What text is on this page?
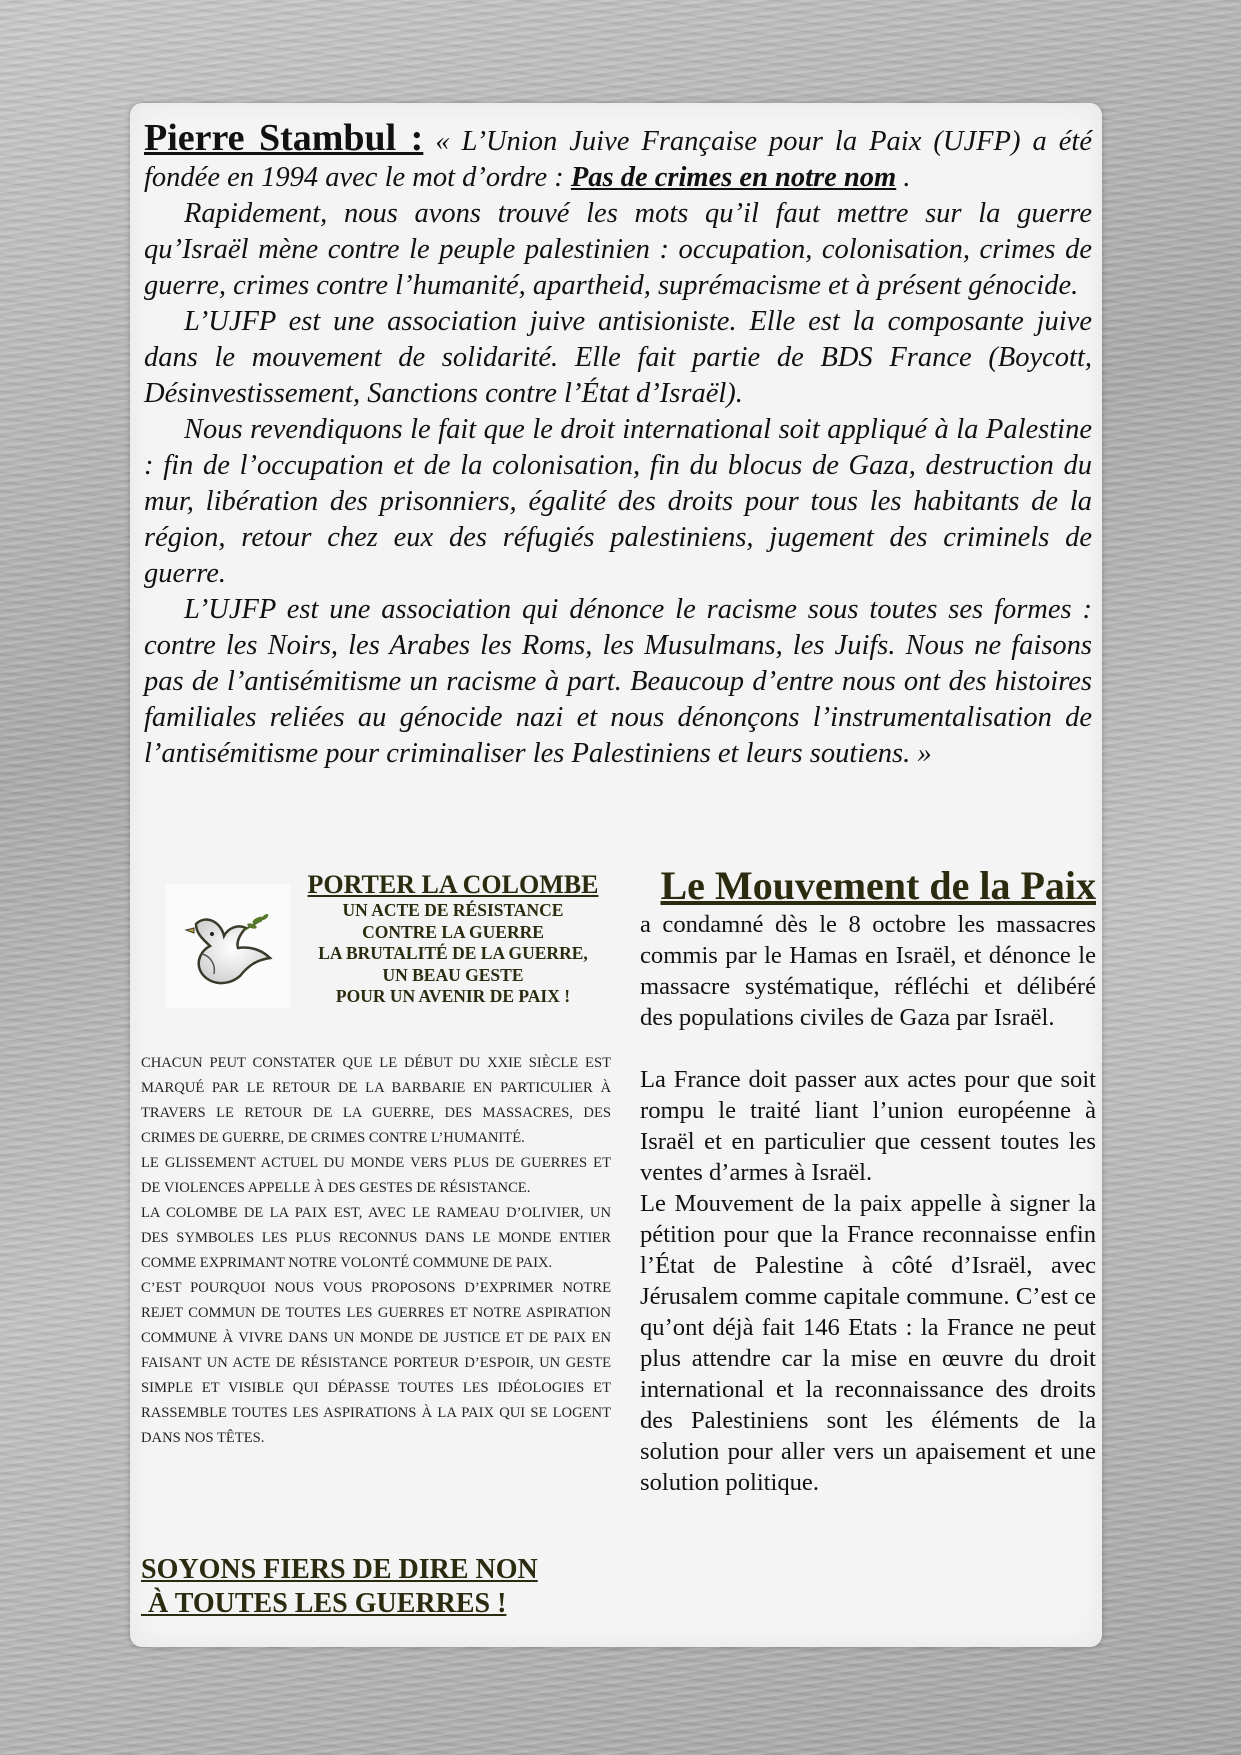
Pierre Stambul : « L’Union Juive Française pour la Paix (UJFP) a été fondée en 1994 avec le mot d’ordre : Pas de crimes en notre nom .

Rapidement, nous avons trouvé les mots qu’il faut mettre sur la guerre qu’Israël mène contre le peuple palestinien : occupation, colonisation, crimes de guerre, crimes contre l’humanité, apartheid, suprémacisme et à présent génocide.

L’UJFP est une association juive antisioniste. Elle est la composante juive dans le mouvement de solidarité. Elle fait partie de BDS France (Boycott, Désinvestissement, Sanctions contre l’État d’Israël).

Nous revendiquons le fait que le droit international soit appliqué à la Palestine : fin de l’occupation et de la colonisation, fin du blocus de Gaza, destruction du mur, libération des prisonniers, égalité des droits pour tous les habitants de la région, retour chez eux des réfugiés palestiniens, jugement des criminels de guerre.

L’UJFP est une association qui dénonce le racisme sous toutes ses formes : contre les Noirs, les Arabes les Roms, les Musulmans, les Juifs. Nous ne faisons pas de l’antisémitisme un racisme à part. Beaucoup d’entre nous ont des histoires familiales reliées au génocide nazi et nous dénonçons l’instrumentalisation de l’antisémitisme pour criminaliser les Palestiniens et leurs soutiens. »

PORTER LA COLOMBE
UN ACTE DE RÉSISTANCE
CONTRE LA GUERRE
LA BRUTALITÉ DE LA GUERRE,
UN BEAU GESTE
POUR UN AVENIR DE PAIX !

CHACUN PEUT CONSTATER QUE LE DÉBUT DU XXIE SIÈCLE EST MARQUÉ PAR LE RETOUR DE LA BARBARIE EN PARTICULIER À TRAVERS LE RETOUR DE LA GUERRE, DES MASSACRES, DES CRIMES DE GUERRE, DE CRIMES CONTRE L’HUMANITÉ.

LE GLISSEMENT ACTUEL DU MONDE VERS PLUS DE GUERRES ET DE VIOLENCES APPELLE À DES GESTES DE RÉSISTANCE.

LA COLOMBE DE LA PAIX EST, AVEC LE RAMEAU D’OLIVIER, UN DES SYMBOLES LES PLUS RECONNUS DANS LE MONDE ENTIER COMME EXPRIMANT NOTRE VOLONTÉ COMMUNE DE PAIX.

C’EST POURQUOI NOUS VOUS PROPOSONS D’EXPRIMER NOTRE REJET COMMUN DE TOUTES LES GUERRES ET NOTRE ASPIRATION COMMUNE À VIVRE DANS UN MONDE DE JUSTICE ET DE PAIX EN FAISANT UN ACTE DE RÉSISTANCE PORTEUR D’ESPOIR, UN GESTE SIMPLE ET VISIBLE QUI DÉPASSE TOUTES LES IDÉOLOGIES ET RASSEMBLE TOUTES LES ASPIRATIONS À LA PAIX QUI SE LOGENT DANS NOS TÊTES.

SOYONS FIERS DE DIRE NON
À TOUTES LES GUERRES !
Le Mouvement de la Paix

a condamné dès le 8 octobre les massacres commis par le Hamas en Israël, et dénonce le massacre systématique, réfléchi et délibéré des populations civiles de Gaza par Israël.

La France doit passer aux actes pour que soit rompu le traité liant l’union européenne à Israël et en particulier que cessent toutes les ventes d’armes à Israël.

Le Mouvement de la paix appelle à signer la pétition pour que la France reconnaisse enfin l’État de Palestine à côté d’Israël, avec Jérusalem comme capitale commune. C’est ce qu’ont déjà fait 146 Etats : la France ne peut plus attendre car la mise en œuvre du droit international et la reconnaissance des droits des Palestiniens sont les éléments de la solution pour aller vers un apaisement et une solution politique.
